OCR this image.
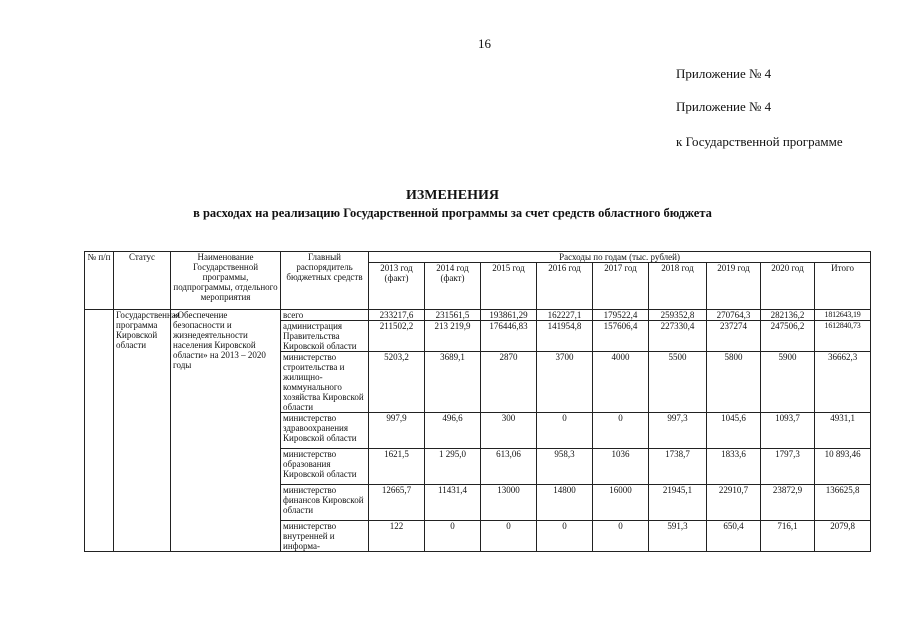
16
Приложение № 4
Приложение № 4
к Государственной программе
ИЗМЕНЕНИЯ
в расходах на реализацию Государственной программы за счет средств областного бюджета
№ п/п	Статус	Наименование Государственной программы, подпрограммы, отдельного мероприятия	Главный распорядитель бюджетных средств	Расходы по годам (тыс. рублей)								
				2013 год (факт)	2014 год (факт)	2015 год	2016 год	2017 год	2018 год	2019 год	2020 год	Итого
	Государственная программа Кировской области	«Обеспечение безопасности и жизнедеятельности населения Кировской области» на 2013 – 2020 годы	всего	233217,6	231561,5	193861,29	162227,1	179522,4	259352,8	270764,3	282136,2	1812643,19
			администрация Правительства Кировской области	211502,2	213 219,9	176446,83	141954,8	157606,4	227330,4	237274	247506,2	1612840,73
			министерство строительства и жилищно-коммунального хозяйства Кировской области	5203,2	3689,1	2870	3700	4000	5500	5800	5900	36662,3
			министерство здравоохранения Кировской области	997,9	496,6	300	0	0	997,3	1045,6	1093,7	4931,1
			министерство образования Кировской области	1621,5	1 295,0	613,06	958,3	1036	1738,7	1833,6	1797,3	10 893,46
			министерство финансов Кировской области	12665,7	11431,4	13000	14800	16000	21945,1	22910,7	23872,9	136625,8
			министерство внутренней и информа-	122	0	0	0	0	591,3	650,4	716,1	2079,8
